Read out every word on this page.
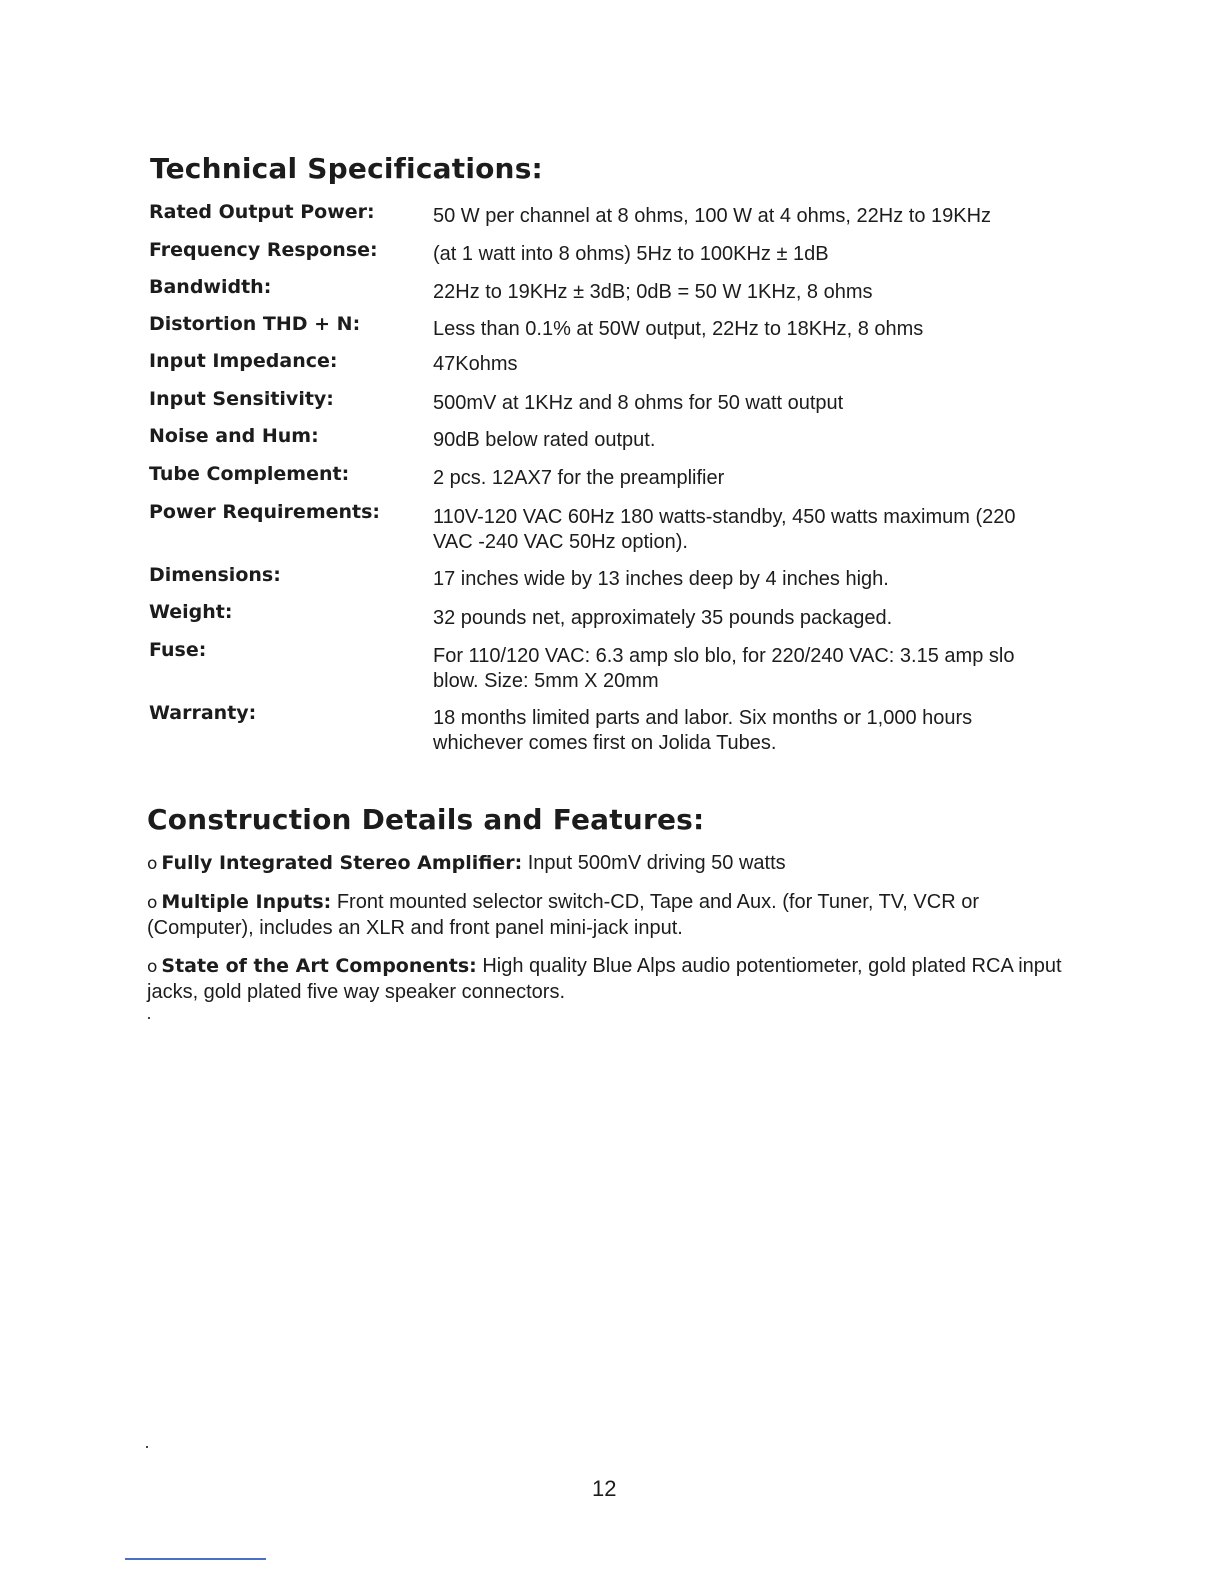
Technical Specifications:
Rated Output Power:	50 W per channel at 8 ohms, 100 W at 4 ohms, 22Hz to 19KHz
Frequency Response:	(at 1 watt into 8 ohms) 5Hz to 100KHz ± 1dB
Bandwidth:	22Hz to 19KHz ± 3dB; 0dB = 50 W 1KHz, 8 ohms
Distortion THD + N:	Less than 0.1% at 50W output, 22Hz to 18KHz, 8 ohms
Input Impedance:	47Kohms
Input Sensitivity:	500mV at 1KHz and 8 ohms for 50 watt output
Noise and Hum:	90dB below rated output.
Tube Complement:	2 pcs. 12AX7 for the preamplifier
Power Requirements:	110V-120 VAC 60Hz 180 watts-standby, 450 watts maximum (220 VAC -240 VAC 50Hz option).
Dimensions:	17 inches wide by 13 inches deep by 4 inches high.
Weight:	32 pounds net, approximately 35 pounds packaged.
Fuse:	For 110/120 VAC: 6.3 amp slo blo, for 220/240 VAC: 3.15 amp slo blow. Size: 5mm X 20mm
Warranty:	18 months limited parts and labor. Six months or 1,000 hours whichever comes first on Jolida Tubes.
Construction Details and Features:
o Fully Integrated Stereo Amplifier: Input 500mV driving 50 watts
o Multiple Inputs: Front mounted selector switch-CD, Tape and Aux. (for Tuner, TV, VCR or (Computer), includes an XLR and front panel mini-jack input.
o State of the Art Components: High quality Blue Alps audio potentiometer, gold plated RCA input jacks, gold plated five way speaker connectors.
12
